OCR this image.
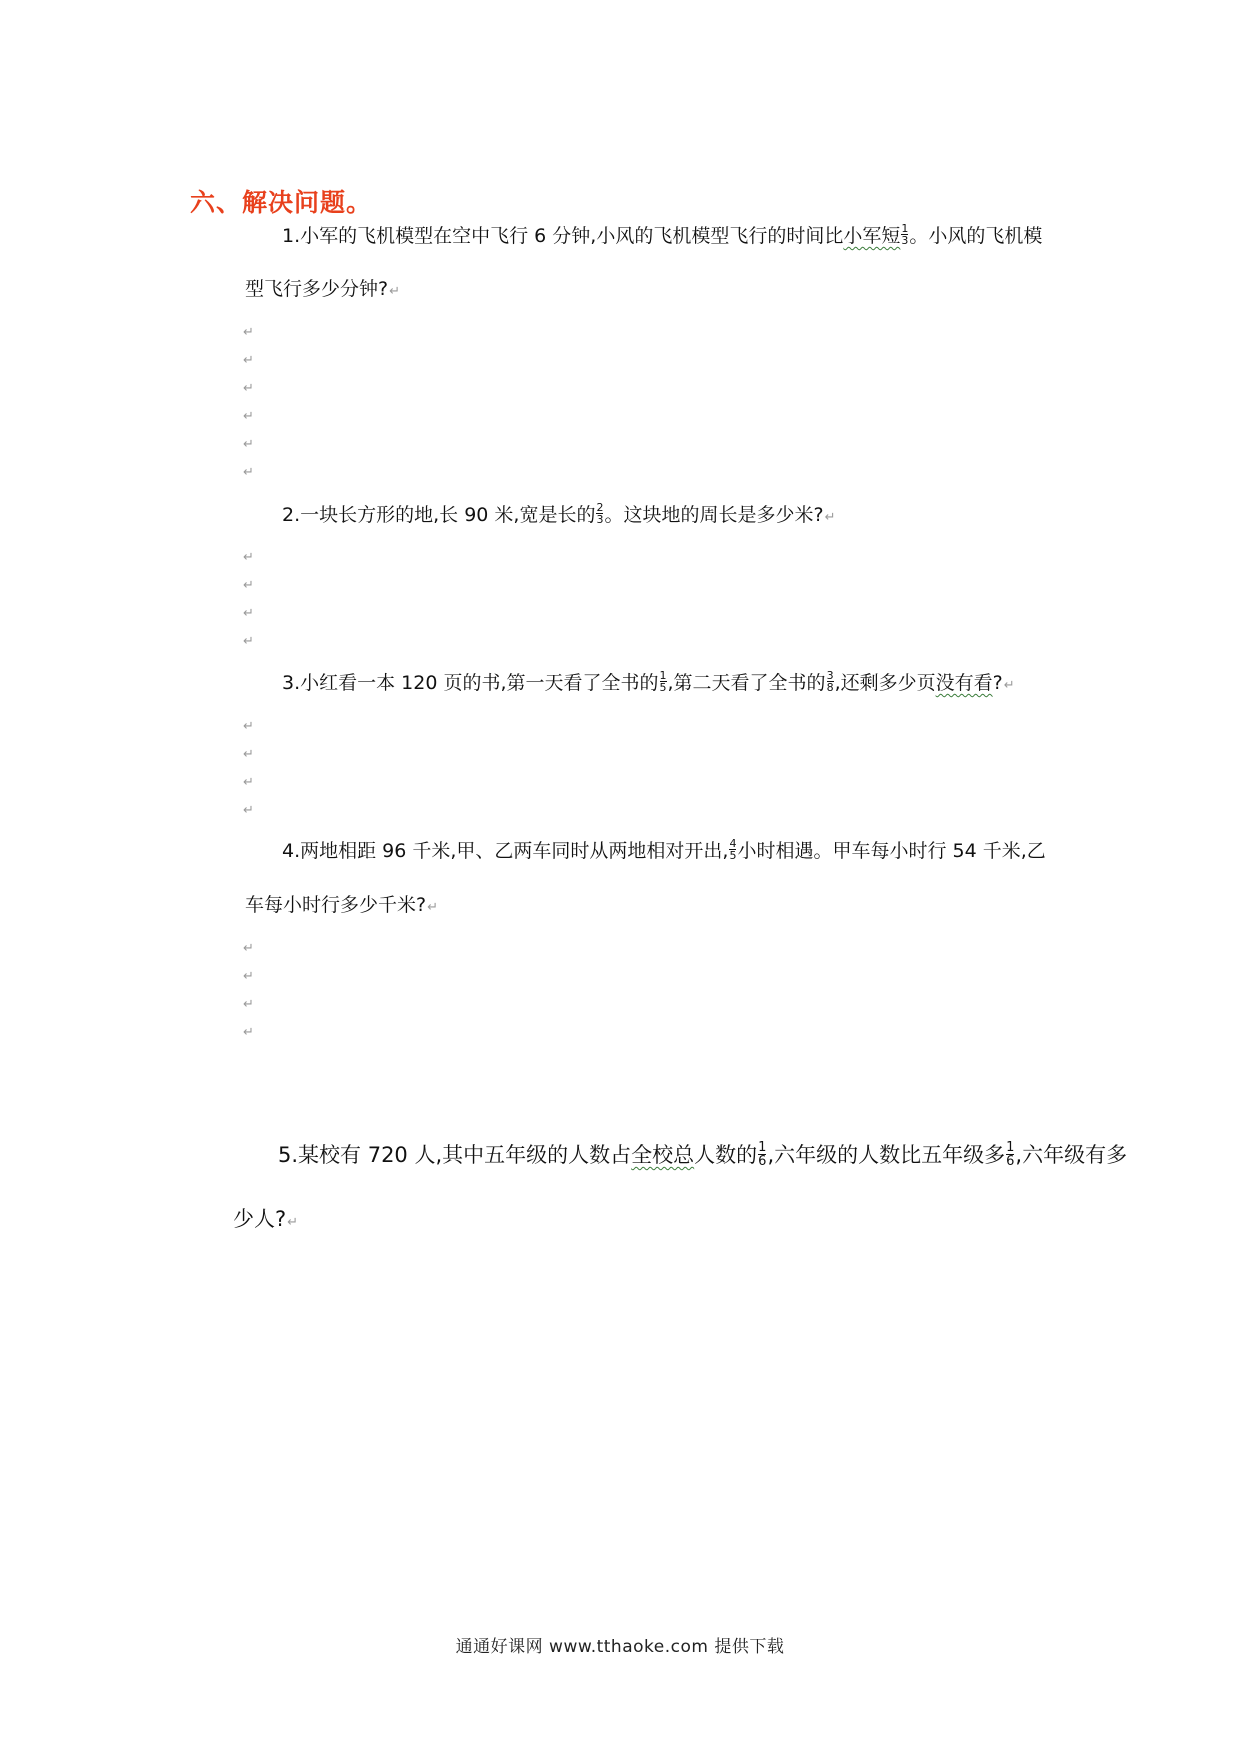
六、解决问题。
1.小军的飞机模型在空中飞行 6 分钟,小风的飞机模型飞行的时间比小军短 $\frac{1}{3}$ 。小风的飞机模
型飞行多少分钟?↵
↵
↵
↵
↵
↵
↵
2.一块长方形的地,长 90 米,宽是长的 $\frac{2}{3}$ 。这块地的周长是多少米?↵
↵
↵
↵
↵
3.小红看一本 120 页的书,第一天看了全书的 $\frac{1}{5}$ ,第二天看了全书的 $\frac{3}{8}$ ,还剩多少页没有看?↵
↵
↵
↵
↵
4.两地相距 96 千米,甲、乙两车同时从两地相对开出, $\frac{4}{5}$ 小时相遇。甲车每小时行 54 千米,乙
车每小时行多少千米?↵
↵
↵
↵
↵
5.某校有 720 人,其中五年级的人数占全校总人数的 $\frac{1}{6}$ ,六年级的人数比五年级多 $\frac{1}{6}$ ,六年级有多
少人?↵
通通好课网 www.tthaoke.com 提供下载
